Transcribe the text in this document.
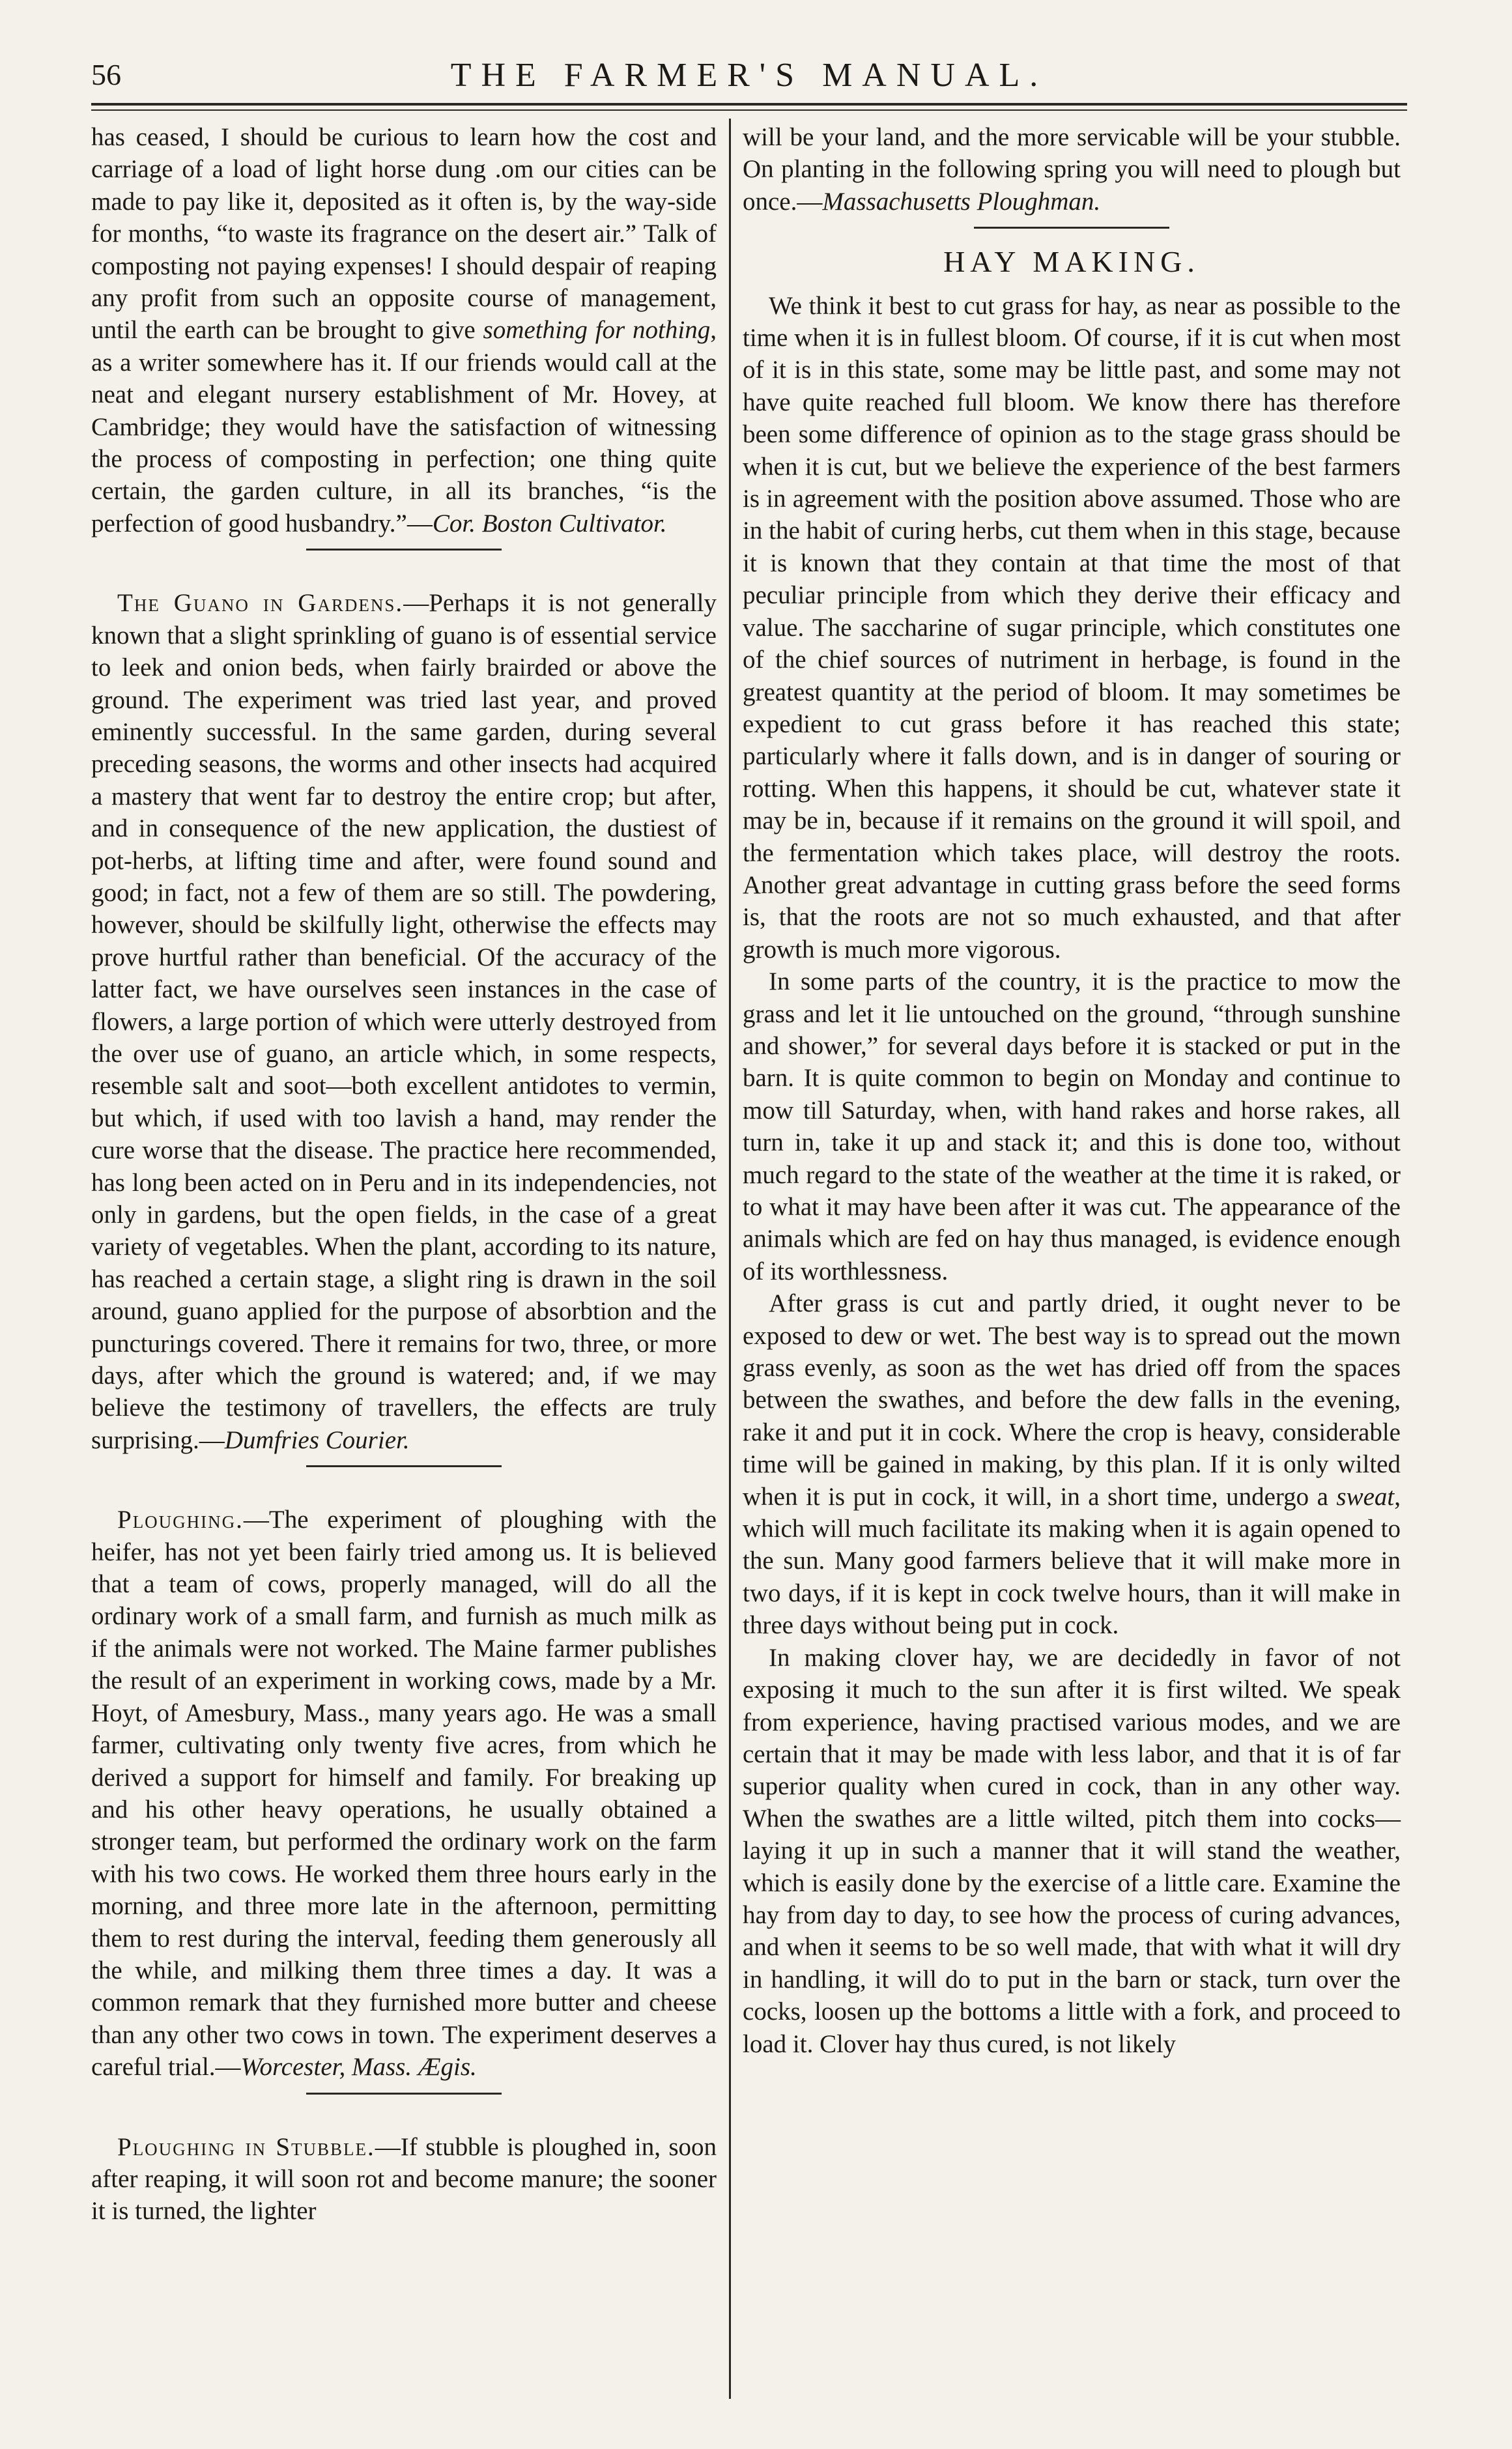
56	THE FARMER'S MANUAL.

has ceased, I should be curious to learn how the cost and carriage of a load of light horse dung .om our cities can be made to pay like it, deposited as it often is, by the way-side for months, “to waste its fragrance on the desert air.” Talk of composting not paying expenses! I should despair of reaping any profit from such an opposite course of management, until the earth can be brought to give something for nothing, as a writer somewhere has it. If our friends would call at the neat and elegant nursery establishment of Mr. Hovey, at Cambridge; they would have the satisfaction of witnessing the process of composting in perfection; one thing quite certain, the garden culture, in all its branches, “is the perfection of good husbandry.”—Cor. Boston Cultivator.

The Guano in Gardens.—Perhaps it is not generally known that a slight sprinkling of guano is of essential service to leek and onion beds, when fairly brairded or above the ground. The experiment was tried last year, and proved eminently successful. In the same garden, during several preceding seasons, the worms and other insects had acquired a mastery that went far to destroy the entire crop; but after, and in consequence of the new application, the dustiest of pot-herbs, at lifting time and after, were found sound and good; in fact, not a few of them are so still. The powdering, however, should be skilfully light, otherwise the effects may prove hurtful rather than beneficial. Of the accuracy of the latter fact, we have ourselves seen instances in the case of flowers, a large portion of which were utterly destroyed from the over use of guano, an article which, in some respects, resemble salt and soot—both excellent antidotes to vermin, but which, if used with too lavish a hand, may render the cure worse that the disease. The practice here recommended, has long been acted on in Peru and in its independencies, not only in gardens, but the open fields, in the case of a great variety of vegetables. When the plant, according to its nature, has reached a certain stage, a slight ring is drawn in the soil around, guano applied for the purpose of absorbtion and the puncturings covered. There it remains for two, three, or more days, after which the ground is watered; and, if we may believe the testimony of travellers, the effects are truly surprising.—Dumfries Courier.

Ploughing.—The experiment of ploughing with the heifer, has not yet been fairly tried among us. It is believed that a team of cows, properly managed, will do all the ordinary work of a small farm, and furnish as much milk as if the animals were not worked. The Maine farmer publishes the result of an experiment in working cows, made by a Mr. Hoyt, of Amesbury, Mass., many years ago. He was a small farmer, cultivating only twenty five acres, from which he derived a support for himself and family. For breaking up and his other heavy operations, he usually obtained a stronger team, but performed the ordinary work on the farm with his two cows. He worked them three hours early in the morning, and three more late in the afternoon, permitting them to rest during the interval, feeding them generously all the while, and milking them three times a day. It was a common remark that they furnished more butter and cheese than any other two cows in town. The experiment deserves a careful trial.—Worcester, Mass. Ægis.

Ploughing in Stubble.—If stubble is ploughed in, soon after reaping, it will soon rot and become manure; the sooner it is turned, the lighter

will be your land, and the more servicable will be your stubble. On planting in the following spring you will need to plough but once.—Massachusetts Ploughman.

HAY MAKING.

We think it best to cut grass for hay, as near as possible to the time when it is in fullest bloom. Of course, if it is cut when most of it is in this state, some may be little past, and some may not have quite reached full bloom. We know there has therefore been some difference of opinion as to the stage grass should be when it is cut, but we believe the experience of the best farmers is in agreement with the position above assumed. Those who are in the habit of curing herbs, cut them when in this stage, because it is known that they contain at that time the most of that peculiar principle from which they derive their efficacy and value. The saccharine of sugar principle, which constitutes one of the chief sources of nutriment in herbage, is found in the greatest quantity at the period of bloom. It may sometimes be expedient to cut grass before it has reached this state; particularly where it falls down, and is in danger of souring or rotting. When this happens, it should be cut, whatever state it may be in, because if it remains on the ground it will spoil, and the fermentation which takes place, will destroy the roots. Another great advantage in cutting grass before the seed forms is, that the roots are not so much exhausted, and that after growth is much more vigorous.

In some parts of the country, it is the practice to mow the grass and let it lie untouched on the ground, “through sunshine and shower,” for several days before it is stacked or put in the barn. It is quite common to begin on Monday and continue to mow till Saturday, when, with hand rakes and horse rakes, all turn in, take it up and stack it; and this is done too, without much regard to the state of the weather at the time it is raked, or to what it may have been after it was cut. The appearance of the animals which are fed on hay thus managed, is evidence enough of its worthlessness.

After grass is cut and partly dried, it ought never to be exposed to dew or wet. The best way is to spread out the mown grass evenly, as soon as the wet has dried off from the spaces between the swathes, and before the dew falls in the evening, rake it and put it in cock. Where the crop is heavy, considerable time will be gained in making, by this plan. If it is only wilted when it is put in cock, it will, in a short time, undergo a sweat, which will much facilitate its making when it is again opened to the sun. Many good farmers believe that it will make more in two days, if it is kept in cock twelve hours, than it will make in three days without being put in cock.

In making clover hay, we are decidedly in favor of not exposing it much to the sun after it is first wilted. We speak from experience, having practised various modes, and we are certain that it may be made with less labor, and that it is of far superior quality when cured in cock, than in any other way. When the swathes are a little wilted, pitch them into cocks—laying it up in such a manner that it will stand the weather, which is easily done by the exercise of a little care. Examine the hay from day to day, to see how the process of curing advances, and when it seems to be so well made, that with what it will dry in handling, it will do to put in the barn or stack, turn over the cocks, loosen up the bottoms a little with a fork, and proceed to load it. Clover hay thus cured, is not likely
